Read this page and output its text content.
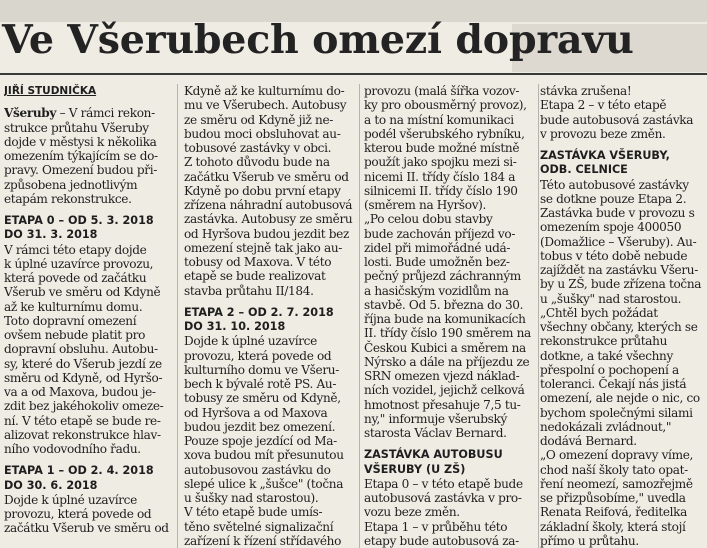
Ve Všerubech omezí dopravu
JIŘÍ STUDNIČKA
Všeruby – V rámci rekon-
strukce průtahu Všeruby
dojde v městysi k několika
omezením týkajícím se do-
pravy. Omezení budou při-
způsobena jednotlivým
etapám rekonstrukce.
ETAPA 0 – OD 5. 3. 2018
DO 31. 3. 2018
V rámci této etapy dojde
k úplné uzavírce provozu,
která povede od začátku
Všerub ve směru od Kdyně
až ke kulturnímu domu.
Toto dopravní omezení
ovšem nebude platit pro
dopravní obsluhu. Autobu-
sy, které do Všerub jezdí ze
směru od Kdyně, od Hyršo-
va a od Maxova, budou je-
zdit bez jakéhokoliv omeze-
ní. V této etapě se bude re-
alizovat rekonstrukce hlav-
ního vodovodního řadu.
ETAPA 1 – OD 2. 4. 2018
DO 30. 6. 2018
Dojde k úplné uzavírce
provozu, která povede od
začátku Všerub ve směru od
Kdyně až ke kulturnímu do-
mu ve Všerubech. Autobusy
ze směru od Kdyně již ne-
budou moci obsluhovat au-
tobusové zastávky v obci.
Z tohoto důvodu bude na
začátku Všerub ve směru od
Kdyně po dobu první etapy
zřízena náhradní autobusová
zastávka. Autobusy ze směru
od Hyršova budou jezdit bez
omezení stejně tak jako au-
tobusy od Maxova. V této
etapě se bude realizovat
stavba průtahu II/184.
ETAPA 2 – OD 2. 7. 2018
DO 31. 10. 2018
Dojde k úplné uzavírce
provozu, která povede od
kulturního domu ve Všeru-
bech k bývalé rotě PS. Au-
tobusy ze směru od Kdyně,
od Hyršova a od Maxova
budou jezdit bez omezení.
Pouze spoje jezdící od Ma-
xova budou mít přesunutou
autobusovou zastávku do
slepé ulice k „šušce" (točna
u šušky nad starostou).
V této etapě bude umís-
těno světelné signalizační
zařízení k řízení střídavého
provozu (malá šířka vozov-
ky pro obousměrný provoz),
a to na místní komunikaci
podél všerubského rybníku,
kterou bude možné místně
použít jako spojku mezi si-
nicemi II. třídy číslo 184 a
silnicemi II. třídy číslo 190
(směrem na Hyršov).
„Po celou dobu stavby
bude zachován příjezd vo-
zidel při mimořádné udá-
losti. Bude umožněn bez-
pečný průjezd záchranným
a hasičským vozidlům na
stavbě. Od 5. března do 30.
října bude na komunikacích
II. třídy číslo 190 směrem na
Českou Kubici a směrem na
Nýrsko a dále na příjezdu ze
SRN omezen vjezd náklad-
ních vozidel, jejichž celková
hmotnost přesahuje 7,5 tu-
ny," informuje všerubský
starosta Václav Bernard.
ZASTÁVKA AUTOBUSU
VŠERUBY (U ZŠ)
Etapa 0 – v této etapě bude
autobusová zastávka v pro-
vozu beze změn.
Etapa 1 – v průběhu této
etapy bude autobusová za-
stávka zrušena!
Etapa 2 – v této etapě
bude autobusová zastávka
v provozu beze změn.
ZASTÁVKA VŠERUBY,
ODB. CELNICE
Této autobusové zastávky
se dotkne pouze Etapa 2.
Zastávka bude v provozu s
omezením spoje 400050
(Domažlice – Všeruby). Au-
tobus v této době nebude
zajíždět na zastávku Všeru-
by u ZŠ, bude zřízena točna
u „šušky" nad starostou.
„Chtěl bych požádat
všechny občany, kterých se
rekonstrukce průtahu
dotkne, a také všechny
přespolní o pochopení a
toleranci. Čekají nás jistá
omezení, ale nejde o nic, co
bychom společnými silami
nedokázali zvládnout,"
dodává Bernard.
„O omezení dopravy víme,
chod naší školy tato opat-
ření neomezí, samozřejmě
se přizpůsobíme," uvedla
Renata Reifová, ředitelka
základní školy, která stojí
přímo u průtahu.
